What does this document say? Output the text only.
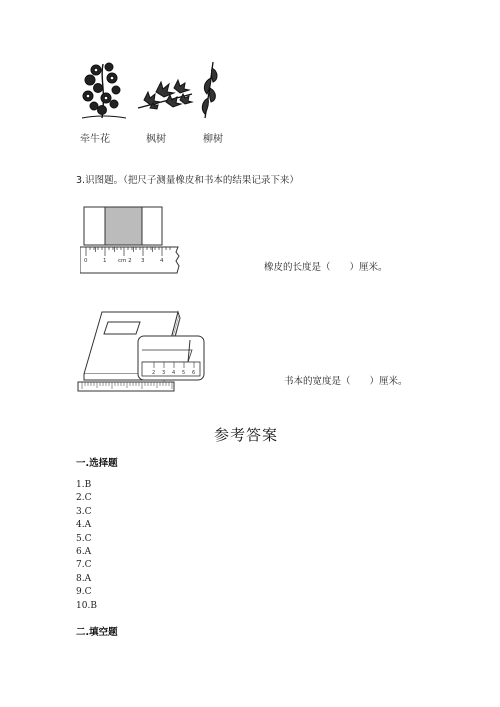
牵牛花	枫树	柳树
3.识图题。（把尺子测量橡皮和书本的结果记录下来）
0	1 cm 2 3	4
橡皮的长度是（　　）厘米。
2 3 4 5 6
书本的宽度是（　　）厘米。
参考答案
一.选择题
1.B
2.C
3.C
4.A
5.C
6.A
7.C
8.A
9.C
10.B
二.填空题
